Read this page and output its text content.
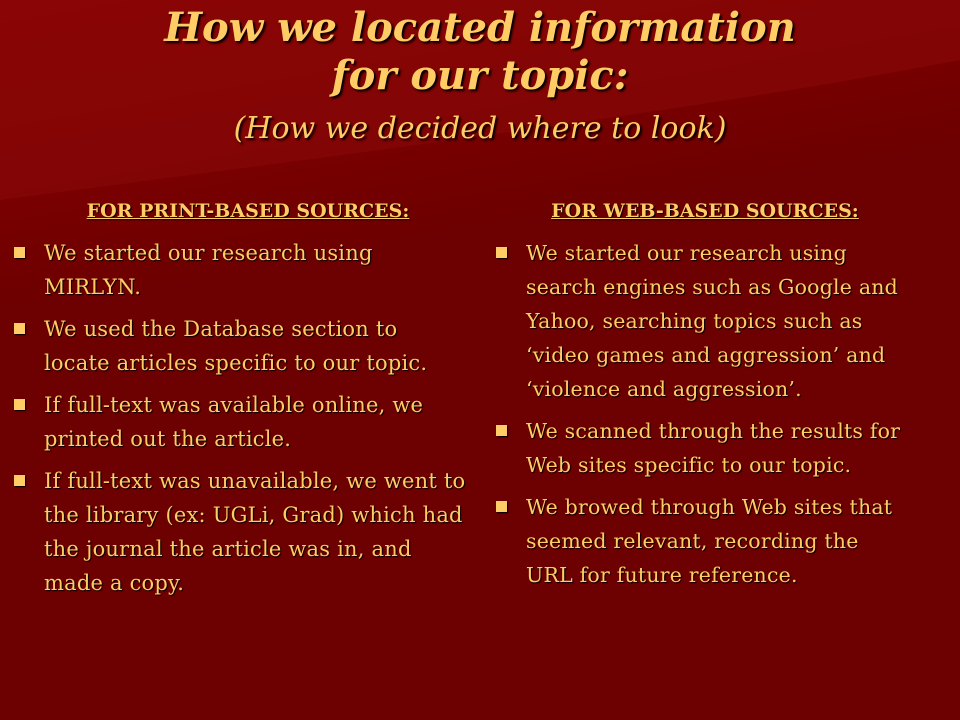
How we located information
for our topic:
(How we decided where to look)
FOR PRINT-BASED SOURCES:
We started our research using MIRLYN.
We used the Database section to locate articles specific to our topic.
If full-text was available online, we printed out the article.
If full-text was unavailable, we went to the library (ex: UGLi, Grad) which had the journal the article was in, and made a copy.
FOR WEB-BASED SOURCES:
We started our research using search engines such as Google and Yahoo, searching topics such as ‘video games and aggression’ and ‘violence and aggression’.
We scanned through the results for Web sites specific to our topic.
We browed through Web sites that seemed relevant, recording the URL for future reference.
